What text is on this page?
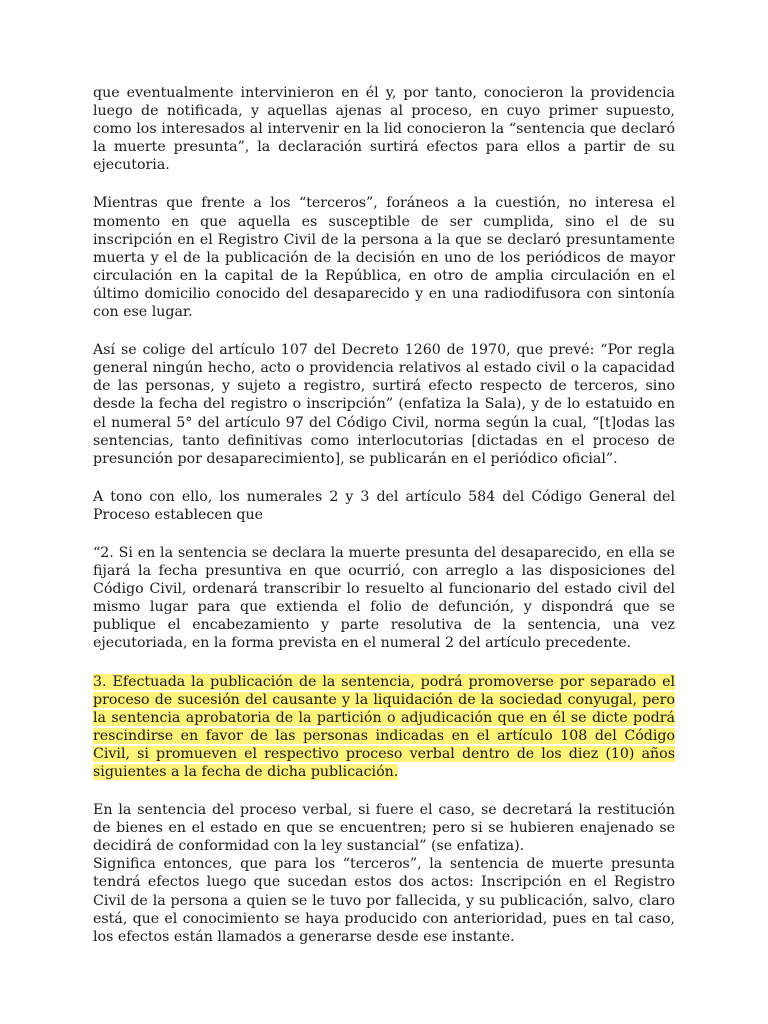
que eventualmente intervinieron en él y, por tanto, conocieron la providencia luego de notificada, y aquellas ajenas al proceso, en cuyo primer supuesto, como los interesados al intervenir en la lid conocieron la “sentencia que declaró la muerte presunta”, la declaración surtirá efectos para ellos a partir de su ejecutoria.

Mientras que frente a los “terceros”, foráneos a la cuestión, no interesa el momento en que aquella es susceptible de ser cumplida, sino el de su inscripción en el Registro Civil de la persona a la que se declaró presuntamente muerta y el de la publicación de la decisión en uno de los periódicos de mayor circulación en la capital de la República, en otro de amplia circulación en el último domicilio conocido del desaparecido y en una radiodifusora con sintonía con ese lugar.

Así se colige del artículo 107 del Decreto 1260 de 1970, que prevé: “Por regla general ningún hecho, acto o providencia relativos al estado civil o la capacidad de las personas, y sujeto a registro, surtirá efecto respecto de terceros, sino desde la fecha del registro o inscripción” (enfatiza la Sala), y de lo estatuido en el numeral 5° del artículo 97 del Código Civil, norma según la cual, “[t]odas las sentencias, tanto definitivas como interlocutorias [dictadas en el proceso de presunción por desaparecimiento], se publicarán en el periódico oficial”.

A tono con ello, los numerales 2 y 3 del artículo 584 del Código General del Proceso establecen que

“2. Si en la sentencia se declara la muerte presunta del desaparecido, en ella se fijará la fecha presuntiva en que ocurrió, con arreglo a las disposiciones del Código Civil, ordenará transcribir lo resuelto al funcionario del estado civil del mismo lugar para que extienda el folio de defunción, y dispondrá que se publique el encabezamiento y parte resolutiva de la sentencia, una vez ejecutoriada, en la forma prevista en el numeral 2 del artículo precedente.

3. Efectuada la publicación de la sentencia, podrá promoverse por separado el proceso de sucesión del causante y la liquidación de la sociedad conyugal, pero la sentencia aprobatoria de la partición o adjudicación que en él se dicte podrá rescindirse en favor de las personas indicadas en el artículo 108 del Código Civil, si promueven el respectivo proceso verbal dentro de los diez (10) años siguientes a la fecha de dicha publicación.

En la sentencia del proceso verbal, si fuere el caso, se decretará la restitución de bienes en el estado en que se encuentren; pero si se hubieren enajenado se decidirá de conformidad con la ley sustancial” (se enfatiza).

Significa entonces, que para los “terceros”, la sentencia de muerte presunta tendrá efectos luego que sucedan estos dos actos: Inscripción en el Registro Civil de la persona a quien se le tuvo por fallecida, y su publicación, salvo, claro está, que el conocimiento se haya producido con anterioridad, pues en tal caso, los efectos están llamados a generarse desde ese instante.
